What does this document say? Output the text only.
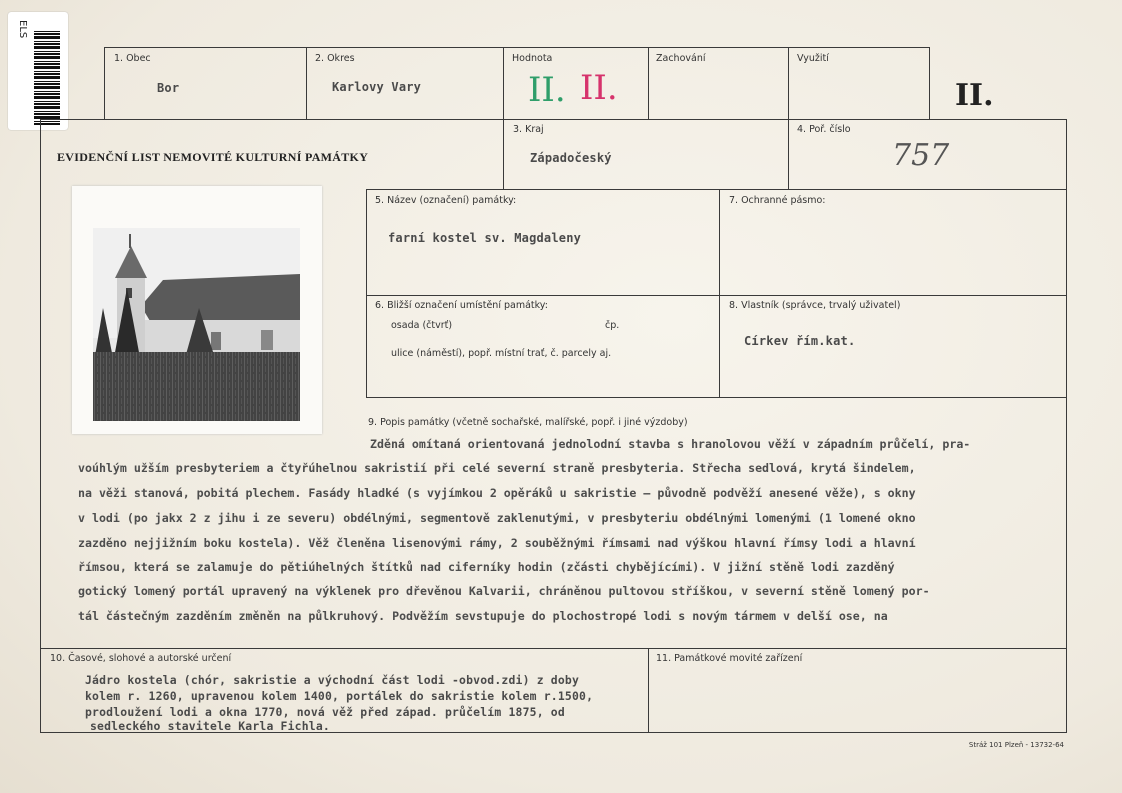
ELS
1. Obec
Bor
2. Okres
Karlovy Vary
Hodnota
II. II.
Zachování	Využití
II.
EVIDENČNÍ LIST NEMOVITÉ KULTURNÍ PAMÁTKY
3. Kraj
Západočeský
4. Poř. číslo
757
5. Název (označení) památky:
farní kostel sv. Magdaleny
7. Ochranné pásmo:
6. Bližší označení umístění památky:
osada (čtvrť)	čp.
ulice (náměstí), popř. místní trať, č. parcely aj.
8. Vlastník (správce, trvalý uživatel)
Církev řím.kat.
9. Popis památky (včetně sochařské, malířské, popř. i jiné výzdoby)
Zděná omítaná orientovaná jednolodní stavba s hranolovou věží v západním průčelí, pra-
voúhlým užším presbyteriem a čtyřúhelnou sakristií při celé severní straně presbyteria. Střecha sedlová, krytá šindelem,
na věži stanová, pobitá plechem. Fasády hladké (s vyjímkou 2 opěráků u sakristie – původně podvěží anesené věže), s okny
v lodi (po jakx 2 z jihu i ze severu) obdélnými, segmentově zaklenutými, v presbyteriu obdélnými lomenými (1 lomené okno
zazděno nejjižním boku kostela). Věž členěna lisenovými rámy, 2 souběžnými římsami nad výškou hlavní římsy lodi a hlavní
římsou, která se zalamuje do pětiúhelných štítků nad ciferníky hodin (zčásti chybějícími). V jižní stěně lodi zazděný
gotický lomený portál upravený na výklenek pro dřevěnou Kalvarii, chráněnou pultovou stříškou, v severní stěně lomený por-
tál částečným zazděním změněn na půlkruhový. Podvěžím sevstupuje do plochostropé lodi s novým tármem v delší ose, na
10. Časové, slohové a autorské určení
Jádro kostela (chór, sakristie a východní část lodi -obvod.zdi) z doby
kolem r. 1260, upravenou kolem 1400, portálek do sakristie kolem r.1500,
prodloužení lodi a okna 1770, nová věž před západ. průčelím 1875, od
sedleckého stavitele Karla Fichla.
11. Památkové movité zařízení
Stráž 101 Plzeň - 13732-64
